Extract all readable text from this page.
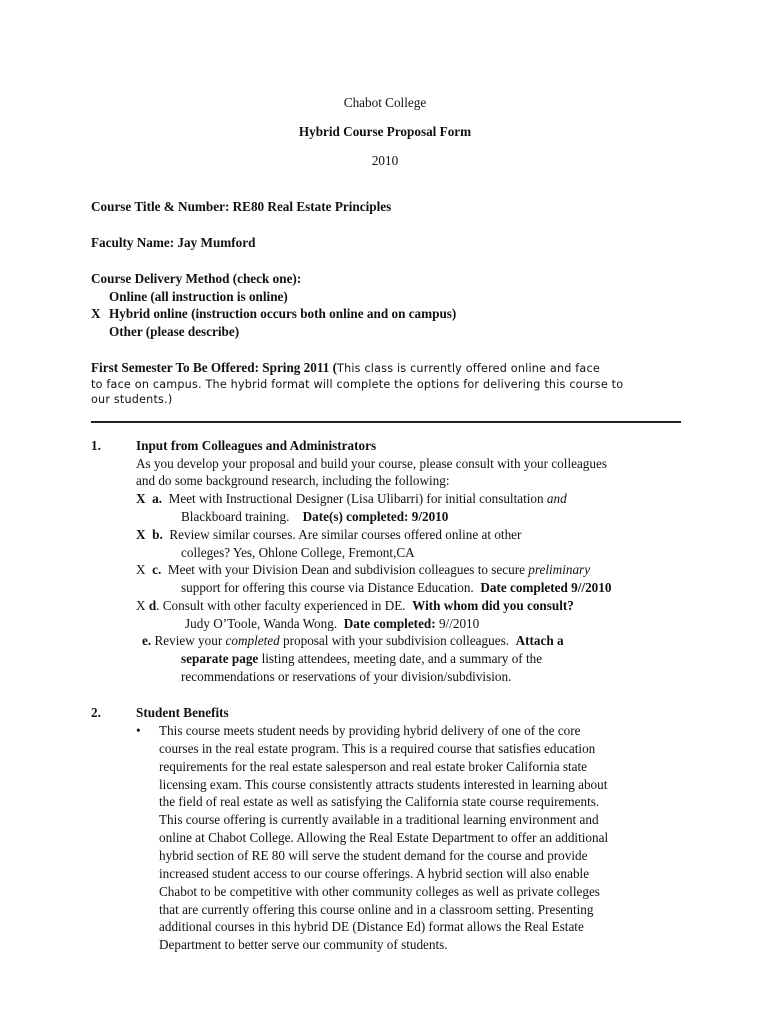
Chabot College
Hybrid Course Proposal Form
2010
Course Title & Number: RE80 Real Estate Principles
Faculty Name: Jay Mumford
Course Delivery Method (check one):
Online (all instruction is online)
X Hybrid online (instruction occurs both online and on campus)
Other (please describe)
First Semester To Be Offered: Spring 2011 (This class is currently offered online and face
to face on campus. The hybrid format will complete the options for delivering this course to
our students.)
1.	Input from Colleagues and Administrators
As you develop your proposal and build your course, please consult with your colleagues
and do some background research, including the following:
X a. Meet with Instructional Designer (Lisa Ulibarri) for initial consultation and
Blackboard training. Date(s) completed: 9/2010
X b. Review similar courses. Are similar courses offered online at other
colleges? Yes, Ohlone College, Fremont,CA
X c. Meet with your Division Dean and subdivision colleagues to secure preliminary
support for offering this course via Distance Education. Date completed 9//2010
X d. Consult with other faculty experienced in DE. With whom did you consult?
Judy O’Toole, Wanda Wong. Date completed: 9//2010
e. Review your completed proposal with your subdivision colleagues. Attach a
separate page listing attendees, meeting date, and a summary of the
recommendations or reservations of your division/subdivision.
2.	Student Benefits
• This course meets student needs by providing hybrid delivery of one of the core
courses in the real estate program. This is a required course that satisfies education
requirements for the real estate salesperson and real estate broker California state
licensing exam. This course consistently attracts students interested in learning about
the field of real estate as well as satisfying the California state course requirements.
This course offering is currently available in a traditional learning environment and
online at Chabot College. Allowing the Real Estate Department to offer an additional
hybrid section of RE 80 will serve the student demand for the course and provide
increased student access to our course offerings. A hybrid section will also enable
Chabot to be competitive with other community colleges as well as private colleges
that are currently offering this course online and in a classroom setting. Presenting
additional courses in this hybrid DE (Distance Ed) format allows the Real Estate
Department to better serve our community of students.
